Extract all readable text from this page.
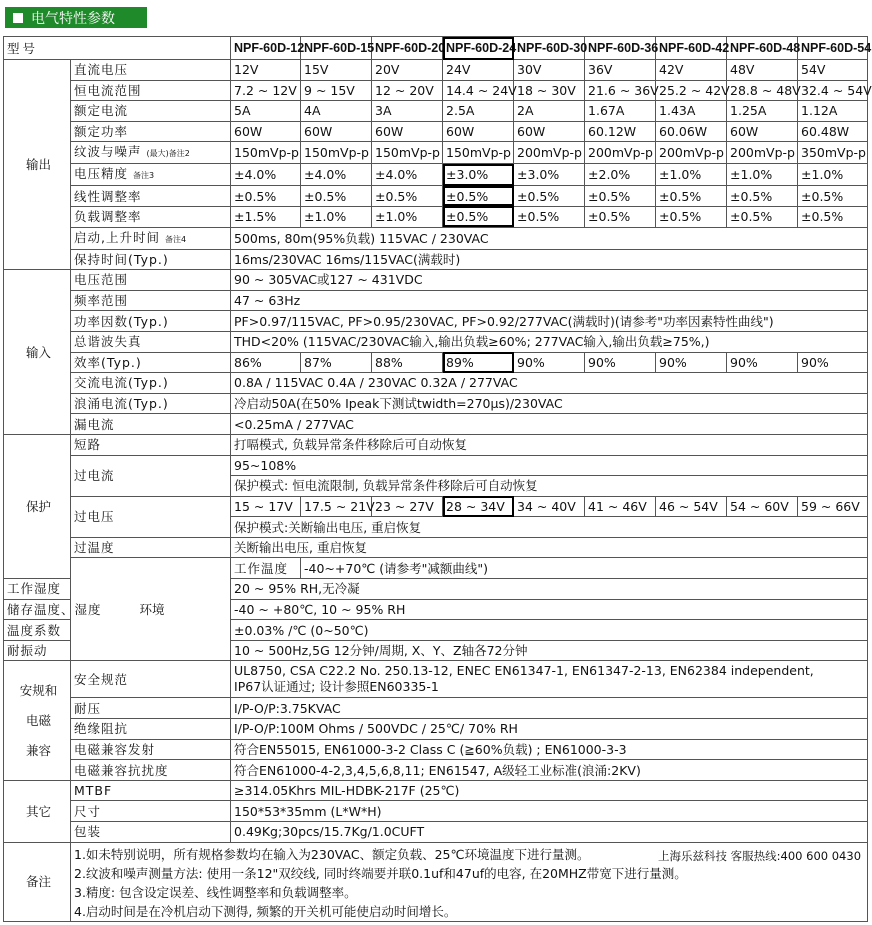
电气特性参数
型号		NPF-60D-12	NPF-60D-15	NPF-60D-20	NPF-60D-24	NPF-60D-30	NPF-60D-36	NPF-60D-42	NPF-60D-48	NPF-60D-54
输出	直流电压	12V	15V	20V	24V	30V	36V	42V	48V	54V
	恒电流范围	7.2 ~ 12V	9 ~ 15V	12 ~ 20V	14.4 ~ 24V	18 ~ 30V	21.6 ~ 36V	25.2 ~ 42V	28.8 ~ 48V	32.4 ~ 54V
	额定电流	5A	4A	3A	2.5A	2A	1.67A	1.43A	1.25A	1.12A
	额定功率	60W	60W	60W	60W	60W	60.12W	60.06W	60W	60.48W
	纹波与噪声 (最大)备注2	150mVp-p	150mVp-p	150mVp-p	150mVp-p	200mVp-p	200mVp-p	200mVp-p	200mVp-p	350mVp-p
	电压精度 备注3	±4.0%	±4.0%	±4.0%	±3.0%	±3.0%	±2.0%	±1.0%	±1.0%	±1.0%
	线性调整率	±0.5%	±0.5%	±0.5%	±0.5%	±0.5%	±0.5%	±0.5%	±0.5%	±0.5%
	负载调整率	±1.5%	±1.0%	±1.0%	±0.5%	±0.5%	±0.5%	±0.5%	±0.5%	±0.5%
	启动,上升时间 备注4	500ms, 80m(95%负载) 115VAC / 230VAC								
	保持时间(Typ.)	16ms/230VAC 16ms/115VAC(满载时)								
输入	电压范围	90 ~ 305VAC或127 ~ 431VDC								
	频率范围	47 ~ 63Hz								
	功率因数(Typ.)	PF>0.97/115VAC, PF>0.95/230VAC, PF>0.92/277VAC(满载时)(请参考"功率因素特性曲线")								
	总谐波失真	THD<20% (115VAC/230VAC输入,输出负载≥60%; 277VAC输入,输出负载≥75%,)								
	效率(Typ.)	86%	87%	88%	89%	90%	90%	90%	90%	90%
	交流电流(Typ.)	0.8A / 115VAC 0.4A / 230VAC 0.32A / 277VAC								
	浪涌电流(Typ.)	冷启动50A(在50% Ipeak下测试twidth=270μs)/230VAC								
	漏电流	<0.25mA / 277VAC								
保护	短路	打嗝模式, 负载异常条件移除后可自动恢复								
	过电流	95~108%								
		保护模式: 恒电流限制, 负载异常条件移除后可自动恢复								
	过电压	15 ~ 17V	17.5 ~ 21V	23 ~ 27V	28 ~ 34V	34 ~ 40V	41 ~ 46V	46 ~ 54V	54 ~ 60V	59 ~ 66V
		保护模式:关断输出电压, 重启恢复								
	过温度	关断输出电压, 重启恢复								
	环境	工作温度	-40~+70℃ (请参考"减额曲线")							
工作湿度		20 ~ 95% RH,无冷凝								
储存温度、湿度		-40 ~ +80℃, 10 ~ 95% RH								
温度系数		±0.03% /℃ (0~50℃)								
耐振动		10 ~ 500Hz,5G 12分钟/周期, X、Y、Z轴各72分钟								
安规和
电磁
兼容	安全规范	UL8750, CSA C22.2 No. 250.13-12, ENEC EN61347-1, EN61347-2-13, EN62384 independent,
IP67认证通过; 设计参照EN60335-1								
	耐压	I/P-O/P:3.75KVAC								
	绝缘阻抗	I/P-O/P:100M Ohms / 500VDC / 25℃/ 70% RH								
	电磁兼容发射	符合EN55015, EN61000-3-2 Class C (≧60%负载) ; EN61000-3-3								
	电磁兼容抗扰度	符合EN61000-4-2,3,4,5,6,8,11; EN61547, A级轻工业标准(浪涌:2KV)								
其它	MTBF	≥314.05Khrs MIL-HDBK-217F (25℃)								
	尺寸	150*53*35mm (L*W*H)								
	包装	0.49Kg;30pcs/15.7Kg/1.0CUFT								
备注	1.如未特别说明，所有规格参数均在输入为230VAC、额定负载、25℃环境温度下进行量测。
2.纹波和噪声测量方法: 使用一条12"双绞线, 同时终端要并联0.1uf和47uf的电容, 在20MHZ带宽下进行量测。
3.精度: 包含设定误差、线性调整率和负载调整率。
4.启动时间是在冷机启动下测得, 频繁的开关机可能使启动时间增长。
上海乐兹科技 客服热线:400 600 0430									
